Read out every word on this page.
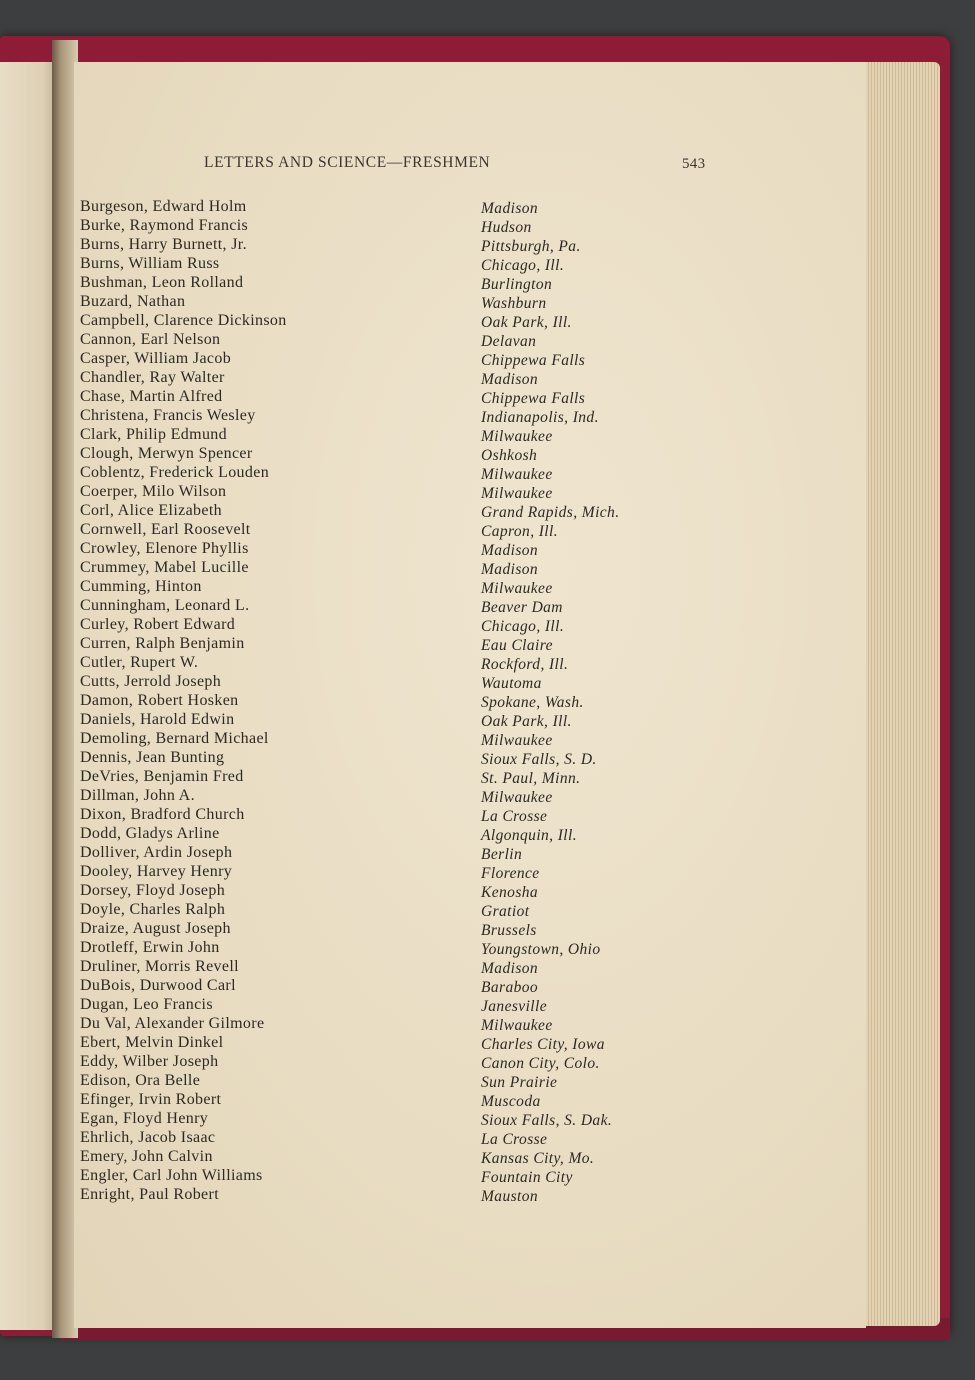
LETTERS AND SCIENCE—FRESHMEN	543
Burgeson, Edward Holm	Madison
Burke, Raymond Francis	Hudson
Burns, Harry Burnett, Jr.	Pittsburgh, Pa.
Burns, William Russ	Chicago, Ill.
Bushman, Leon Rolland	Burlington
Buzard, Nathan	Washburn
Campbell, Clarence Dickinson	Oak Park, Ill.
Cannon, Earl Nelson	Delavan
Casper, William Jacob	Chippewa Falls
Chandler, Ray Walter	Madison
Chase, Martin Alfred	Chippewa Falls
Christena, Francis Wesley	Indianapolis, Ind.
Clark, Philip Edmund	Milwaukee
Clough, Merwyn Spencer	Oshkosh
Coblentz, Frederick Louden	Milwaukee
Coerper, Milo Wilson	Milwaukee
Corl, Alice Elizabeth	Grand Rapids, Mich.
Cornwell, Earl Roosevelt	Capron, Ill.
Crowley, Elenore Phyllis	Madison
Crummey, Mabel Lucille	Madison
Cumming, Hinton	Milwaukee
Cunningham, Leonard L.	Beaver Dam
Curley, Robert Edward	Chicago, Ill.
Curren, Ralph Benjamin	Eau Claire
Cutler, Rupert W.	Rockford, Ill.
Cutts, Jerrold Joseph	Wautoma
Damon, Robert Hosken	Spokane, Wash.
Daniels, Harold Edwin	Oak Park, Ill.
Demoling, Bernard Michael	Milwaukee
Dennis, Jean Bunting	Sioux Falls, S. D.
DeVries, Benjamin Fred	St. Paul, Minn.
Dillman, John A.	Milwaukee
Dixon, Bradford Church	La Crosse
Dodd, Gladys Arline	Algonquin, Ill.
Dolliver, Ardin Joseph	Berlin
Dooley, Harvey Henry	Florence
Dorsey, Floyd Joseph	Kenosha
Doyle, Charles Ralph	Gratiot
Draize, August Joseph	Brussels
Drotleff, Erwin John	Youngstown, Ohio
Druliner, Morris Revell	Madison
DuBois, Durwood Carl	Baraboo
Dugan, Leo Francis	Janesville
Du Val, Alexander Gilmore	Milwaukee
Ebert, Melvin Dinkel	Charles City, Iowa
Eddy, Wilber Joseph	Canon City, Colo.
Edison, Ora Belle	Sun Prairie
Efinger, Irvin Robert	Muscoda
Egan, Floyd Henry	Sioux Falls, S. Dak.
Ehrlich, Jacob Isaac	La Crosse
Emery, John Calvin	Kansas City, Mo.
Engler, Carl John Williams	Fountain City
Enright, Paul Robert	Mauston
